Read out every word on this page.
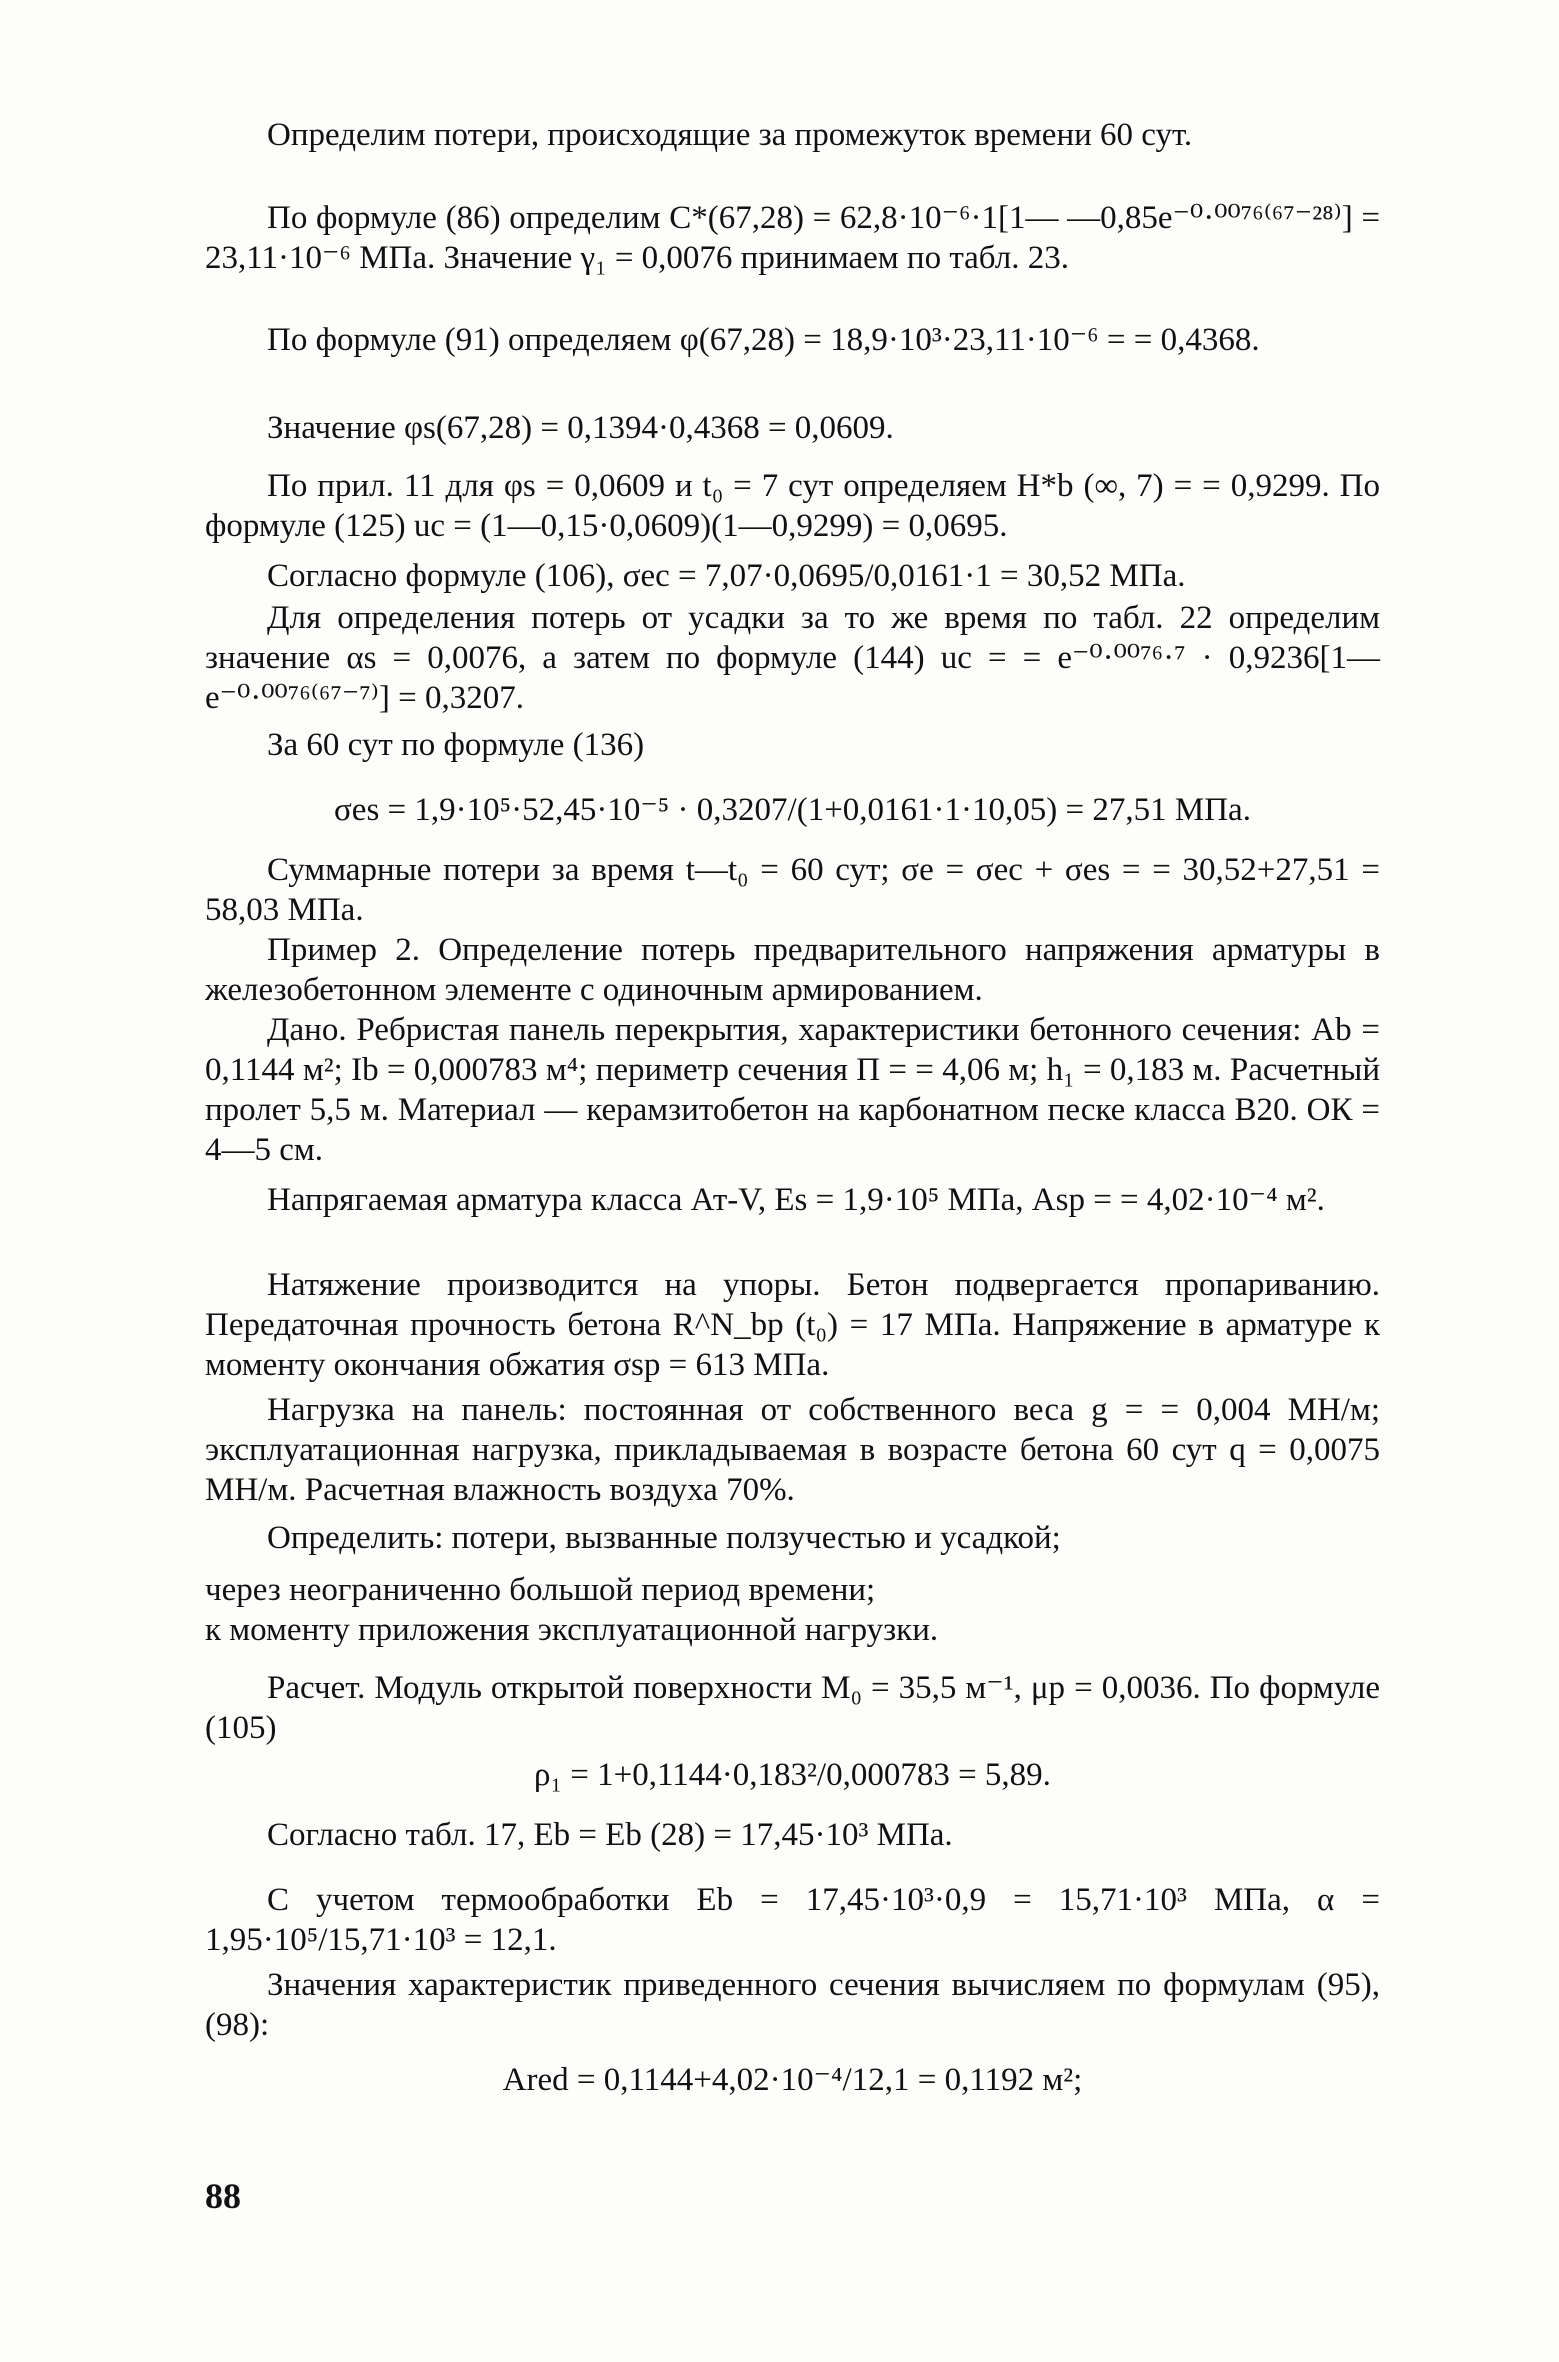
Определим потери, происходящие за промежуток времени 60 сут.

По формуле (86) определим C*(67,28) = 62,8·10⁻⁶·1[1— —0,85e⁻⁰·⁰⁰⁷⁶⁽⁶⁷⁻²⁸⁾] = 23,11·10⁻⁶ МПа. Значение γ₁ = 0,0076 принимаем по табл. 23.

По формуле (91) определяем φ(67,28) = 18,9·10³·23,11·10⁻⁶ = = 0,4368.

Значение φs(67,28) = 0,1394·0,4368 = 0,0609.

По прил. 11 для φs = 0,0609 и t₀ = 7 сут определяем H*b (∞, 7) = = 0,9299. По формуле (125) uc = (1—0,15·0,0609)(1—0,9299) = 0,0695.

Согласно формуле (106), σec = 7,07·0,0695/0,0161·1 = 30,52 МПа.

Для определения потерь от усадки за то же время по табл. 22 определим значение αs = 0,0076, а затем по формуле (144) uc = = e⁻⁰·⁰⁰⁷⁶·⁷ · 0,9236[1—e⁻⁰·⁰⁰⁷⁶⁽⁶⁷⁻⁷⁾] = 0,3207.

За 60 сут по формуле (136)

σes = 1,9·10⁵·52,45·10⁻⁵ · 0,3207/(1+0,0161·1·10,05) = 27,51 МПа.

Суммарные потери за время t—t₀ = 60 сут; σe = σec + σes = = 30,52+27,51 = 58,03 МПа.

Пример 2. Определение потерь предварительного напряжения арматуры в железобетонном элементе с одиночным армированием.

Дано. Ребристая панель перекрытия, характеристики бетонного сечения: Ab = 0,1144 м²; Ib = 0,000783 м⁴; периметр сечения П = = 4,06 м; h₁ = 0,183 м. Расчетный пролет 5,5 м. Материал — керамзитобетон на карбонатном песке класса В20. ОК = 4—5 см.

Напрягаемая арматура класса Ат-V, Es = 1,9·10⁵ МПа, Asp = = 4,02·10⁻⁴ м².

Натяжение производится на упоры. Бетон подвергается пропариванию. Передаточная прочность бетона R^N_bp (t₀) = 17 МПа. Напряжение в арматуре к моменту окончания обжатия σsp = 613 МПа.

Нагрузка на панель: постоянная от собственного веса g = = 0,004 МН/м; эксплуатационная нагрузка, прикладываемая в возрасте бетона 60 сут q = 0,0075 МН/м. Расчетная влажность воздуха 70%.

Определить: потери, вызванные ползучестью и усадкой;

через неограниченно большой период времени;

к моменту приложения эксплуатационной нагрузки.

Расчет. Модуль открытой поверхности M₀ = 35,5 м⁻¹, μp = 0,0036. По формуле (105)

ρ₁ = 1+0,1144·0,183²/0,000783 = 5,89.

Согласно табл. 17, Eb = Eb (28) = 17,45·10³ МПа.

С учетом термообработки Eb = 17,45·10³·0,9 = 15,71·10³ МПа, α = 1,95·10⁵/15,71·10³ = 12,1.

Значения характеристик приведенного сечения вычисляем по формулам (95), (98):

Ared = 0,1144+4,02·10⁻⁴/12,1 = 0,1192 м²;

88
